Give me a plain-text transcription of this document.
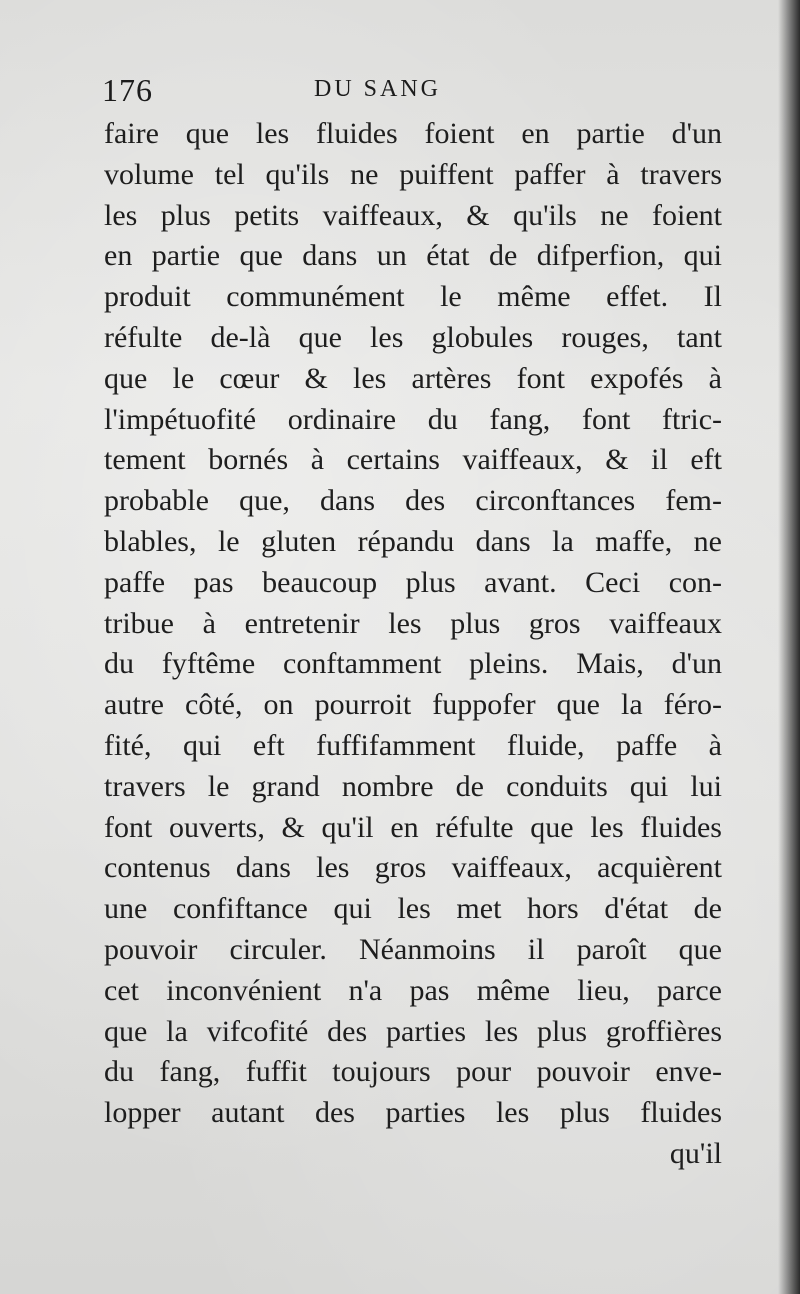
176	DU SANG
faire que les fluides foient en partie d'un
volume tel qu'ils ne puiffent paffer à travers
les plus petits vaiffeaux, & qu'ils ne foient
en partie que dans un état de difperfion, qui
produit communément le même effet. Il
réfulte de-là que les globules rouges, tant
que le cœur & les artères font expofés à
l'impétuofité ordinaire du fang, font ftric-
tement bornés à certains vaiffeaux, & il eft
probable que, dans des circonftances fem-
blables, le gluten répandu dans la maffe, ne
paffe pas beaucoup plus avant. Ceci con-
tribue à entretenir les plus gros vaiffeaux
du fyftême conftamment pleins. Mais, d'un
autre côté, on pourroit fuppofer que la féro-
fité, qui eft fuffifamment fluide, paffe à
travers le grand nombre de conduits qui lui
font ouverts, & qu'il en réfulte que les fluides
contenus dans les gros vaiffeaux, acquièrent
une confiftance qui les met hors d'état de
pouvoir circuler. Néanmoins il paroît que
cet inconvénient n'a pas même lieu, parce
que la vifcofité des parties les plus groffières
du fang, fuffit toujours pour pouvoir enve-
lopper autant des parties les plus fluides
qu'il
